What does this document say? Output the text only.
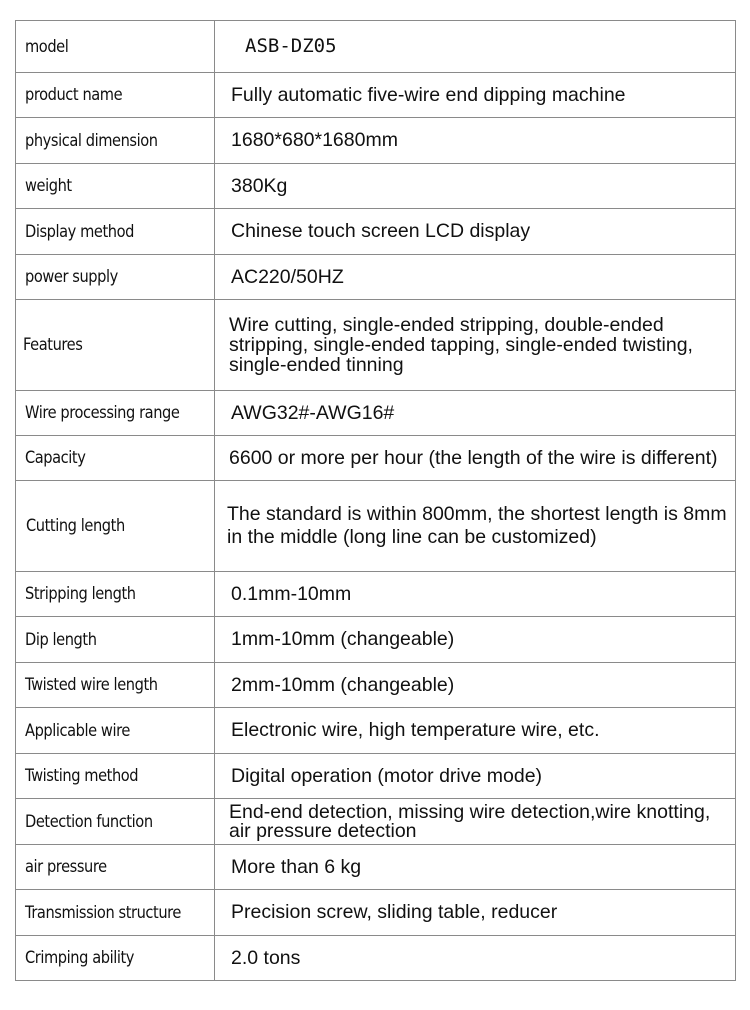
model	ASB-DZ05
product name	Fully automatic five-wire end dipping machine
physical dimension	1680*680*1680mm
weight	380Kg
Display method	Chinese touch screen LCD display
power supply	AC220/50HZ
Features	Wire cutting, single-ended stripping, double-ended stripping, single-ended tapping, single-ended twisting, single-ended tinning
Wire processing range	AWG32#-AWG16#
Capacity	6600 or more per hour (the length of the wire is different)
Cutting length	The standard is within 800mm, the shortest length is 8mm in the middle (long line can be customized)
Stripping length	0.1mm-10mm
Dip length	1mm-10mm (changeable)
Twisted wire length	2mm-10mm (changeable)
Applicable wire	Electronic wire, high temperature wire, etc.
Twisting method	Digital operation (motor drive mode)
Detection function	End-end detection, missing wire detection,wire knotting, air pressure detection
air pressure	More than 6 kg
Transmission structure	Precision screw, sliding table, reducer
Crimping ability	2.0 tons
